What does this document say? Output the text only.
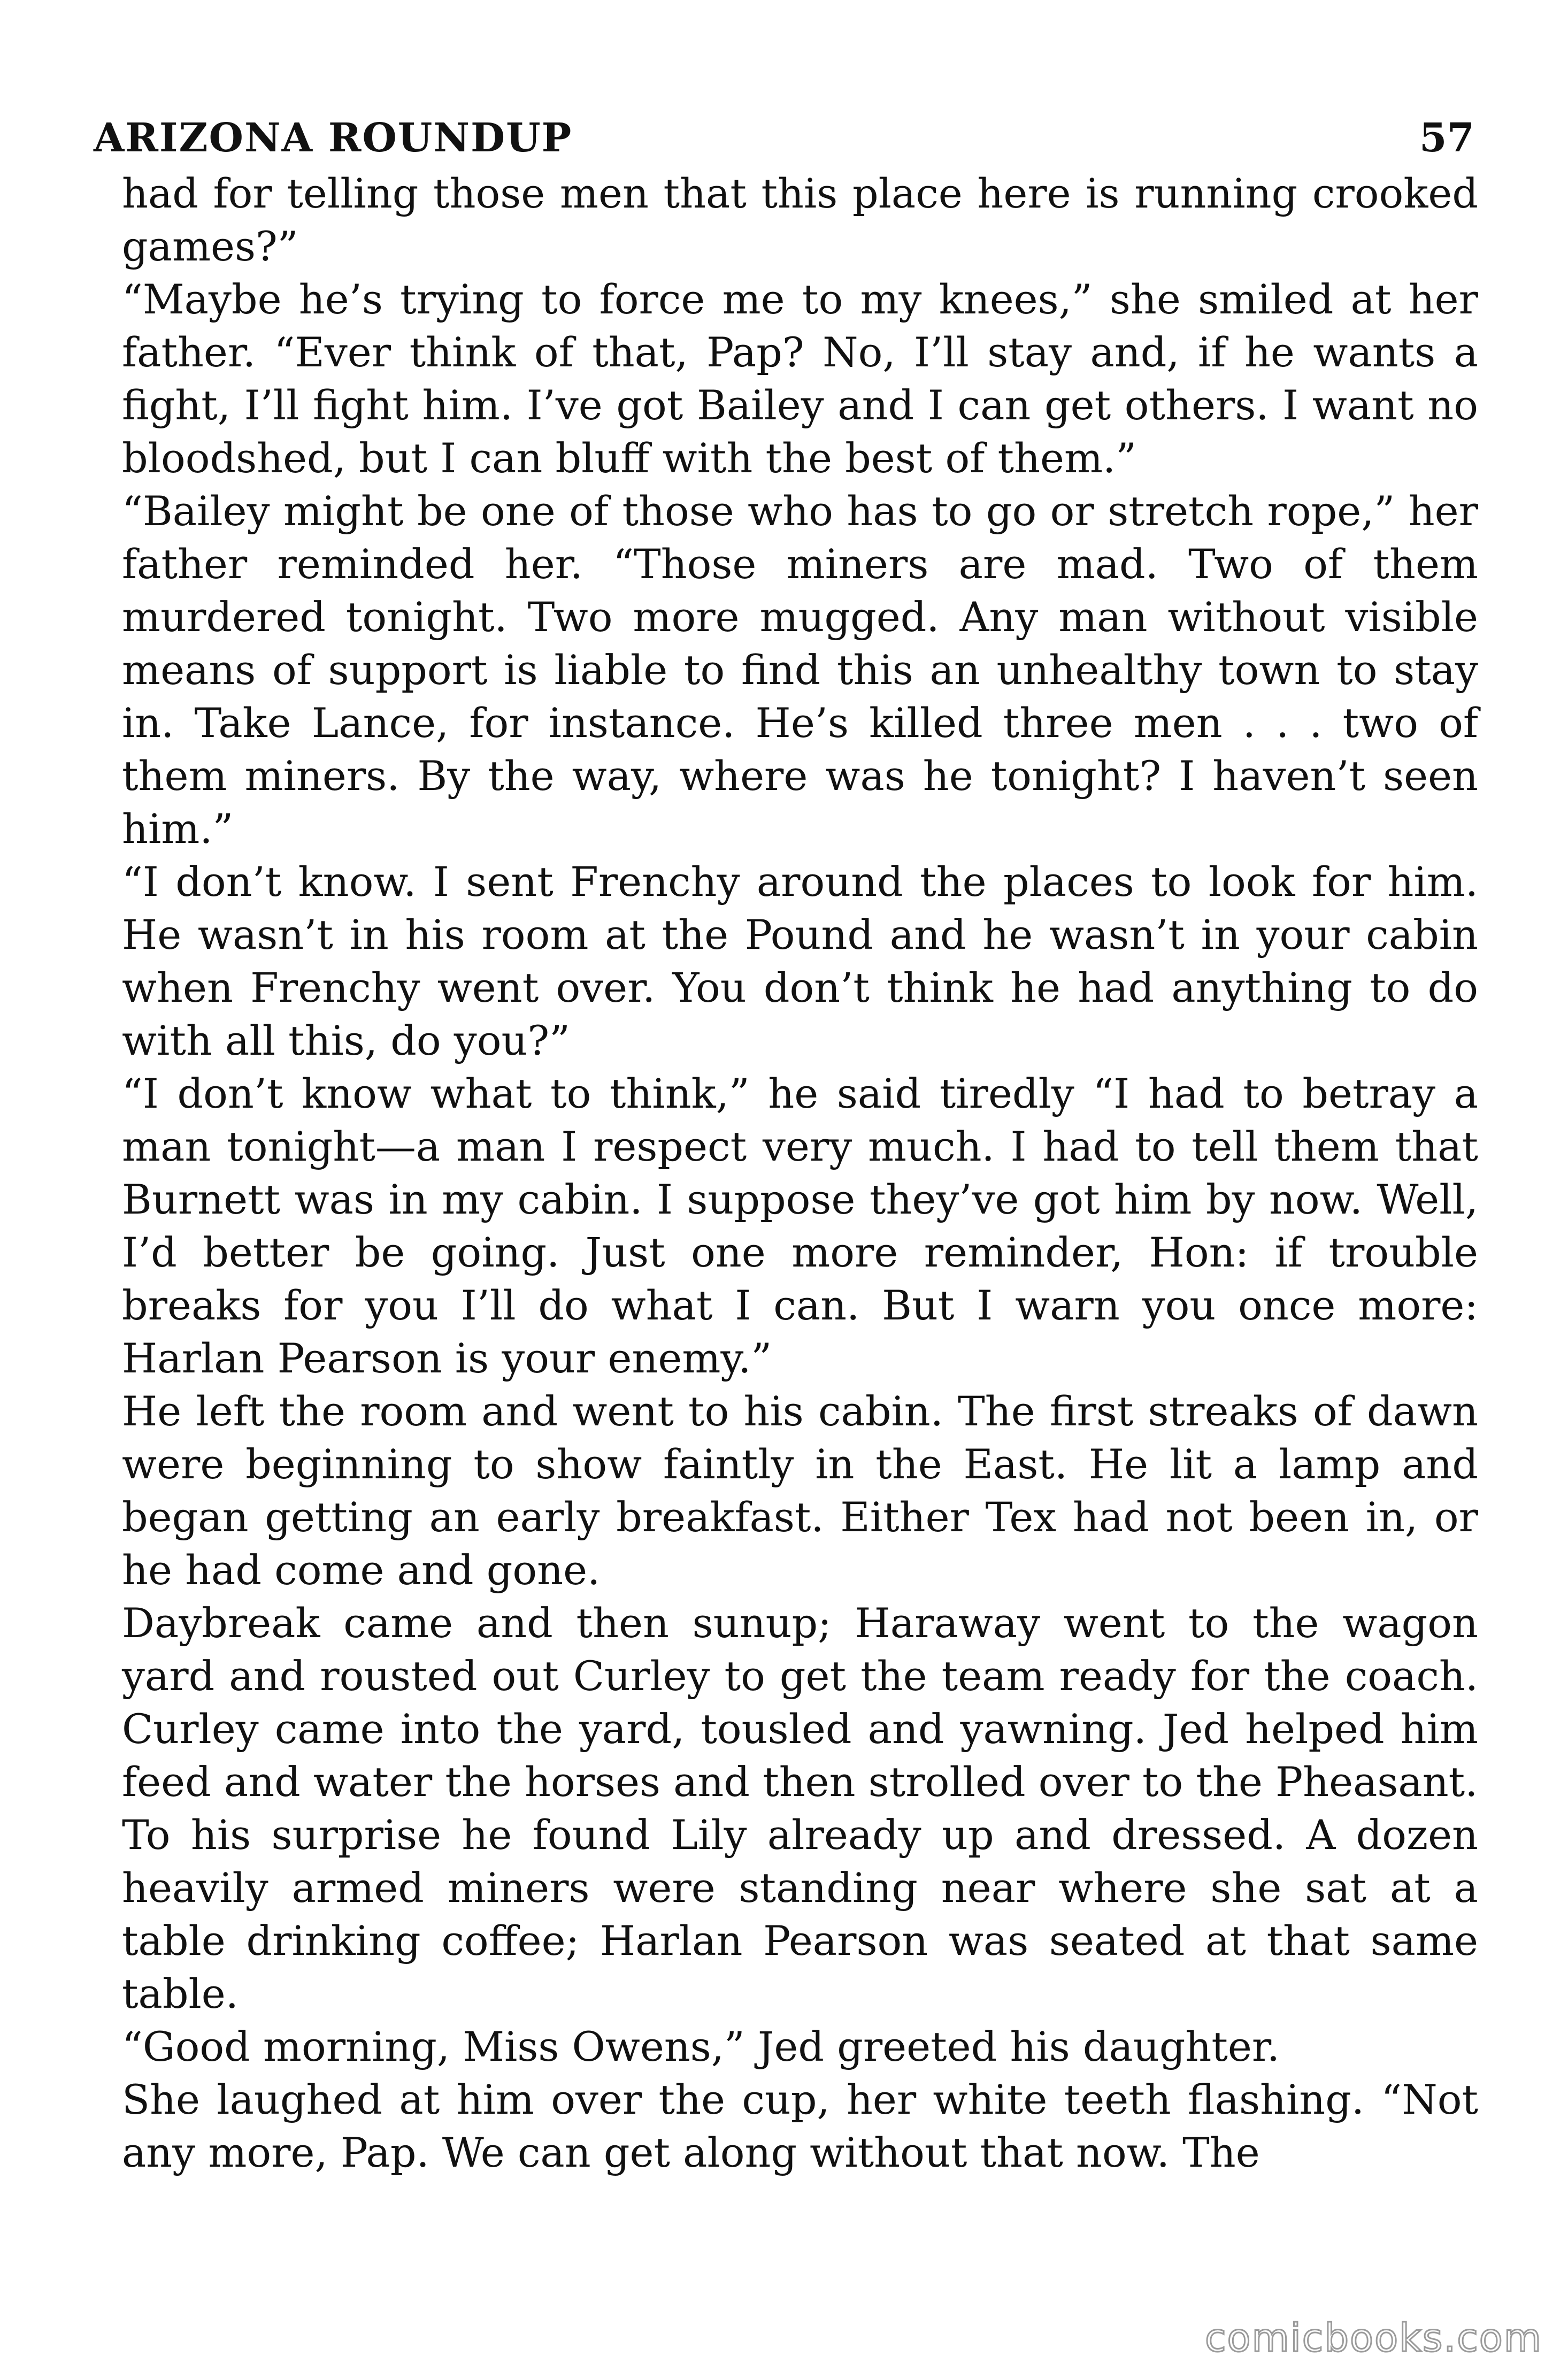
ARIZONA ROUNDUP	57

had for telling those men that this place here is running crooked games?”

“Maybe he’s trying to force me to my knees,” she smiled at her father. “Ever think of that, Pap? No, I’ll stay and, if he wants a fight, I’ll fight him. I’ve got Bailey and I can get others. I want no bloodshed, but I can bluff with the best of them.”

“Bailey might be one of those who has to go or stretch rope,” her father reminded her. “Those miners are mad. Two of them murdered tonight. Two more mugged. Any man without visible means of support is liable to find this an unhealthy town to stay in. Take Lance, for instance. He’s killed three men . . . two of them miners. By the way, where was he tonight? I haven’t seen him.”

“I don’t know. I sent Frenchy around the places to look for him. He wasn’t in his room at the Pound and he wasn’t in your cabin when Frenchy went over. You don’t think he had anything to do with all this, do you?”

“I don’t know what to think,” he said tiredly “I had to betray a man tonight—a man I respect very much. I had to tell them that Burnett was in my cabin. I suppose they’ve got him by now. Well, I’d better be going. Just one more reminder, Hon: if trouble breaks for you I’ll do what I can. But I warn you once more: Harlan Pearson is your enemy.”

He left the room and went to his cabin. The first streaks of dawn were beginning to show faintly in the East. He lit a lamp and began getting an early breakfast. Either Tex had not been in, or he had come and gone.

Daybreak came and then sunup; Haraway went to the wagon yard and rousted out Curley to get the team ready for the coach. Curley came into the yard, tousled and yawning. Jed helped him feed and water the horses and then strolled over to the Pheasant.

To his surprise he found Lily already up and dressed. A dozen heavily armed miners were standing near where she sat at a table drinking coffee; Harlan Pearson was seated at that same table.

“Good morning, Miss Owens,” Jed greeted his daughter.

She laughed at him over the cup, her white teeth flashing. “Not any more, Pap. We can get along without that now. The

comicbooks.com
